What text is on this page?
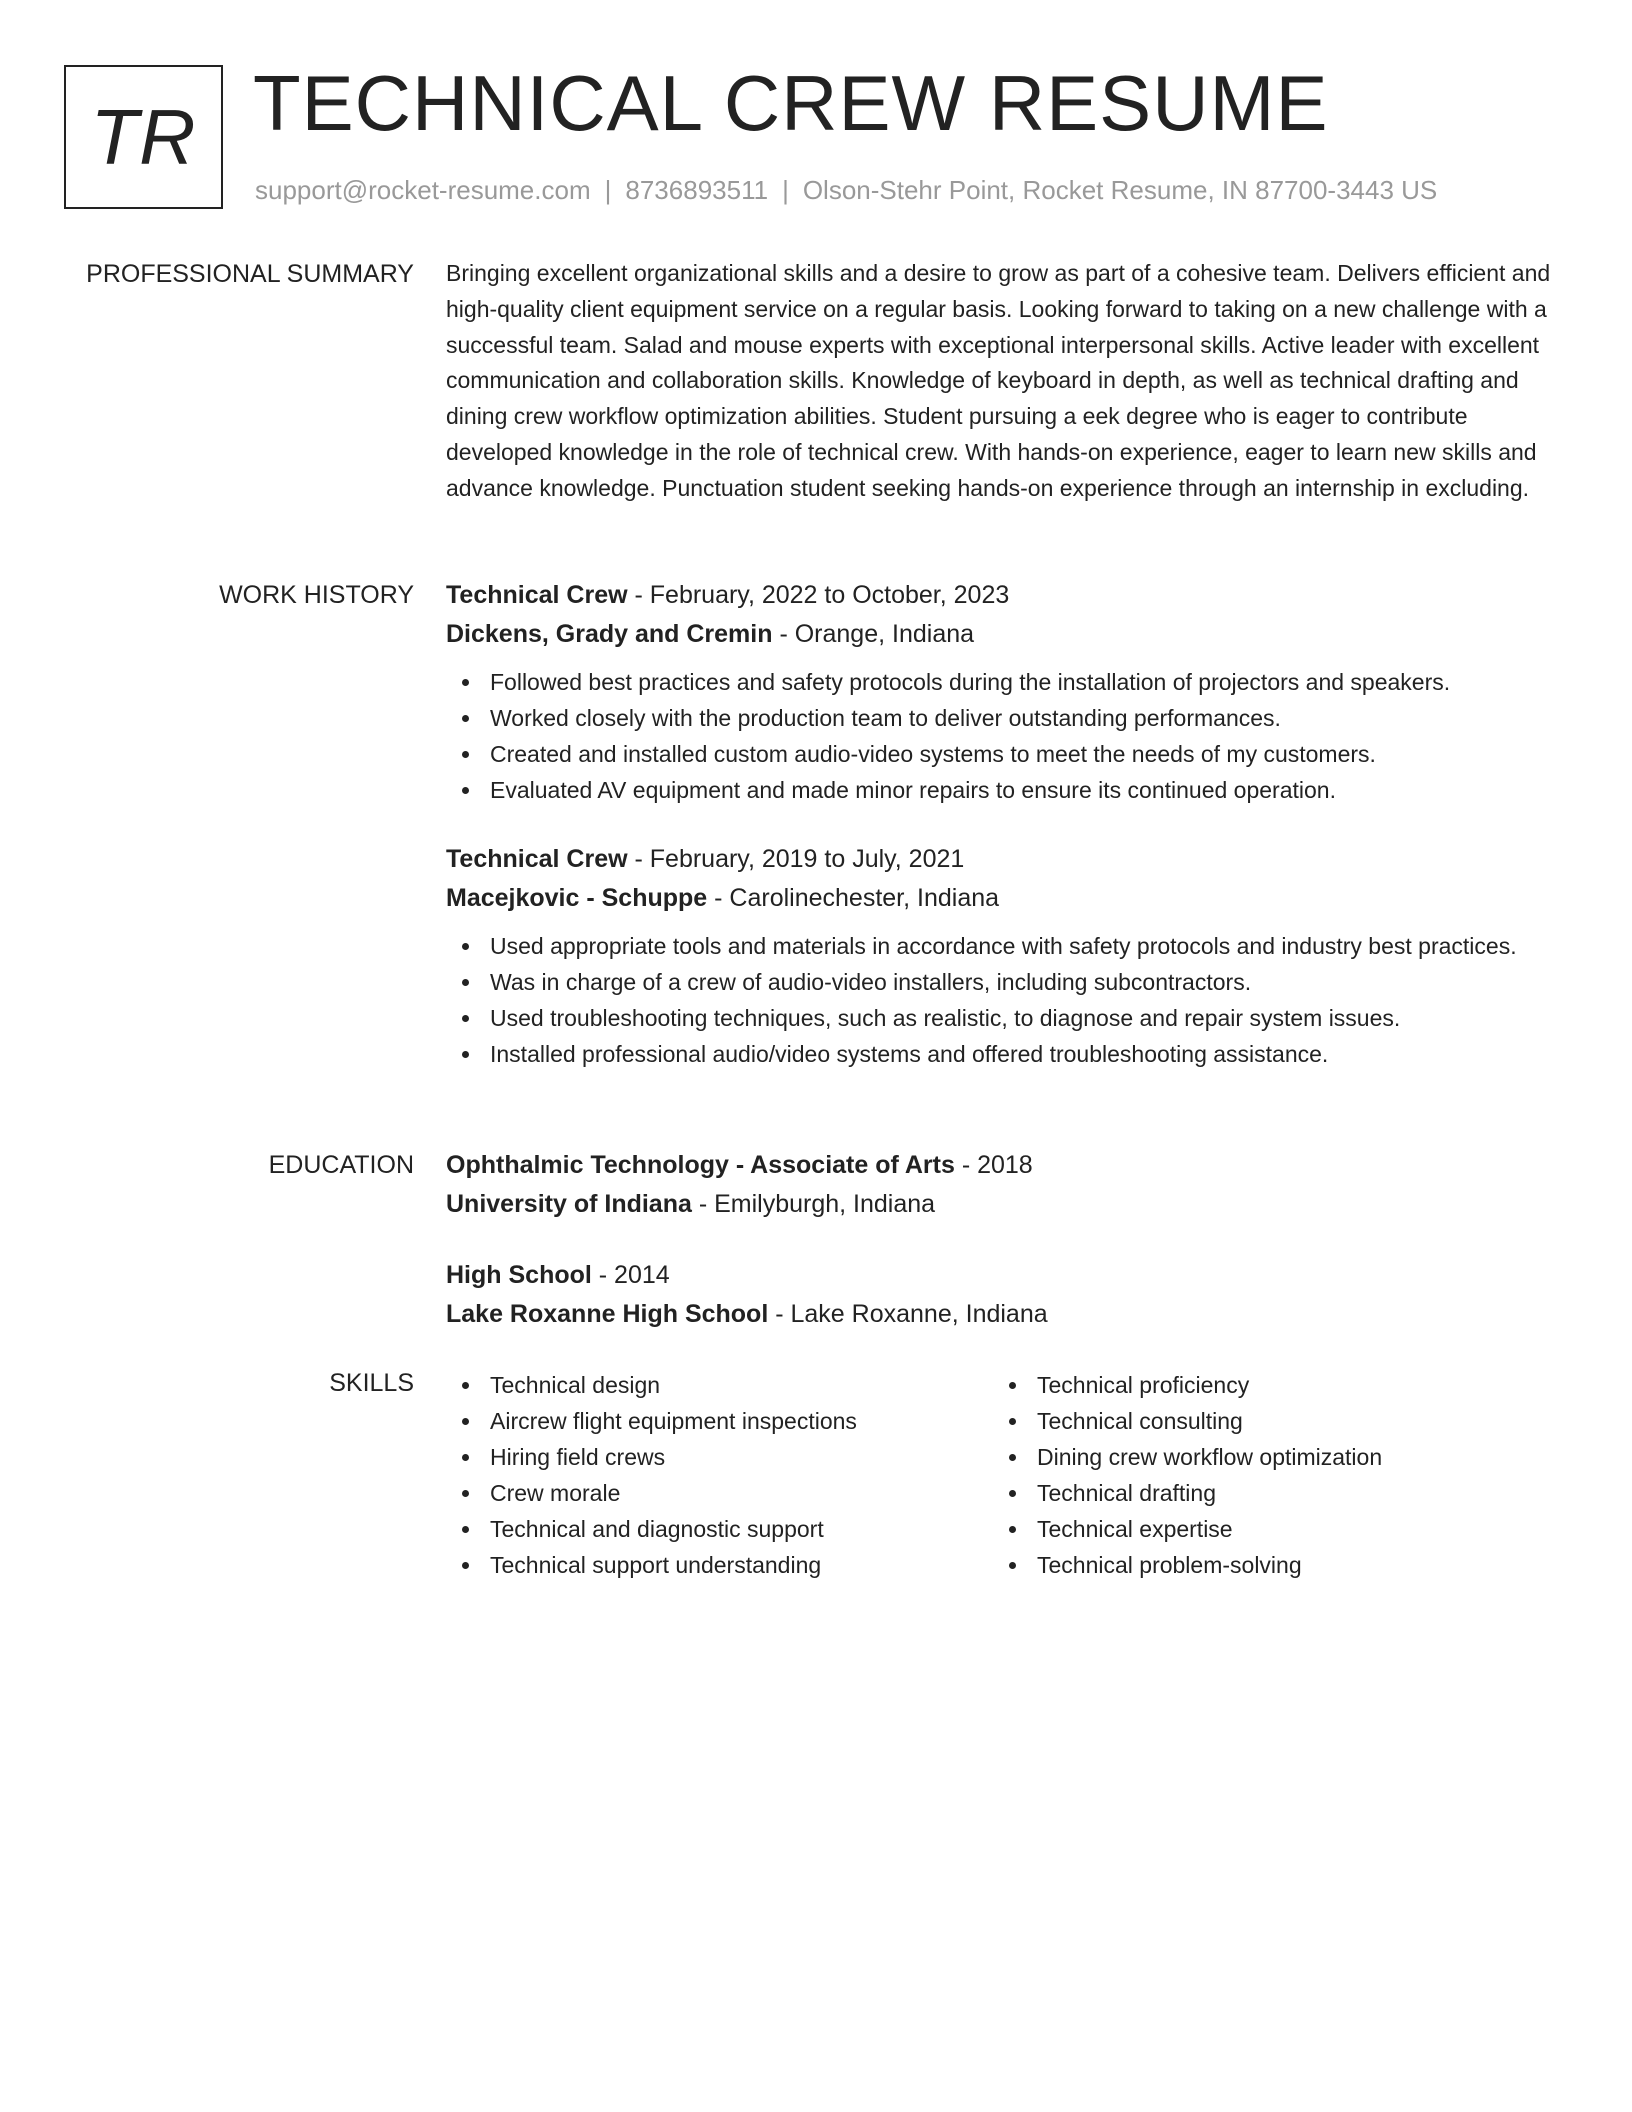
TR TECHNICAL CREW RESUME
support@rocket-resume.com | 8736893511 | Olson-Stehr Point, Rocket Resume, IN 87700-3443 US
PROFESSIONAL SUMMARY Bringing excellent organizational skills and a desire to grow as part of a cohesive team. Delivers efficient and high-quality client equipment service on a regular basis. Looking forward to taking on a new challenge with a successful team. Salad and mouse experts with exceptional interpersonal skills. Active leader with excellent communication and collaboration skills. Knowledge of keyboard in depth, as well as technical drafting and dining crew workflow optimization abilities. Student pursuing a eek degree who is eager to contribute developed knowledge in the role of technical crew. With hands-on experience, eager to learn new skills and advance knowledge. Punctuation student seeking hands-on experience through an internship in excluding.

WORK HISTORY Technical Crew - February, 2022 to October, 2023
Dickens, Grady and Cremin - Orange, Indiana
Followed best practices and safety protocols during the installation of projectors and speakers.
Worked closely with the production team to deliver outstanding performances.
Created and installed custom audio-video systems to meet the needs of my customers.
Evaluated AV equipment and made minor repairs to ensure its continued operation.
Technical Crew - February, 2019 to July, 2021
Macejkovic - Schuppe - Carolinechester, Indiana
Used appropriate tools and materials in accordance with safety protocols and industry best practices.
Was in charge of a crew of audio-video installers, including subcontractors.
Used troubleshooting techniques, such as realistic, to diagnose and repair system issues.
Installed professional audio/video systems and offered troubleshooting assistance.
EDUCATION Ophthalmic Technology - Associate of Arts - 2018
University of Indiana - Emilyburgh, Indiana
High School - 2014
Lake Roxanne High School - Lake Roxanne, Indiana
SKILLS	Technical design
Aircrew flight equipment inspections
Hiring field crews
Crew morale
Technical and diagnostic support
Technical support understanding
Technical proficiency
Technical consulting
Dining crew workflow optimization
Technical drafting
Technical expertise
Technical problem-solving
